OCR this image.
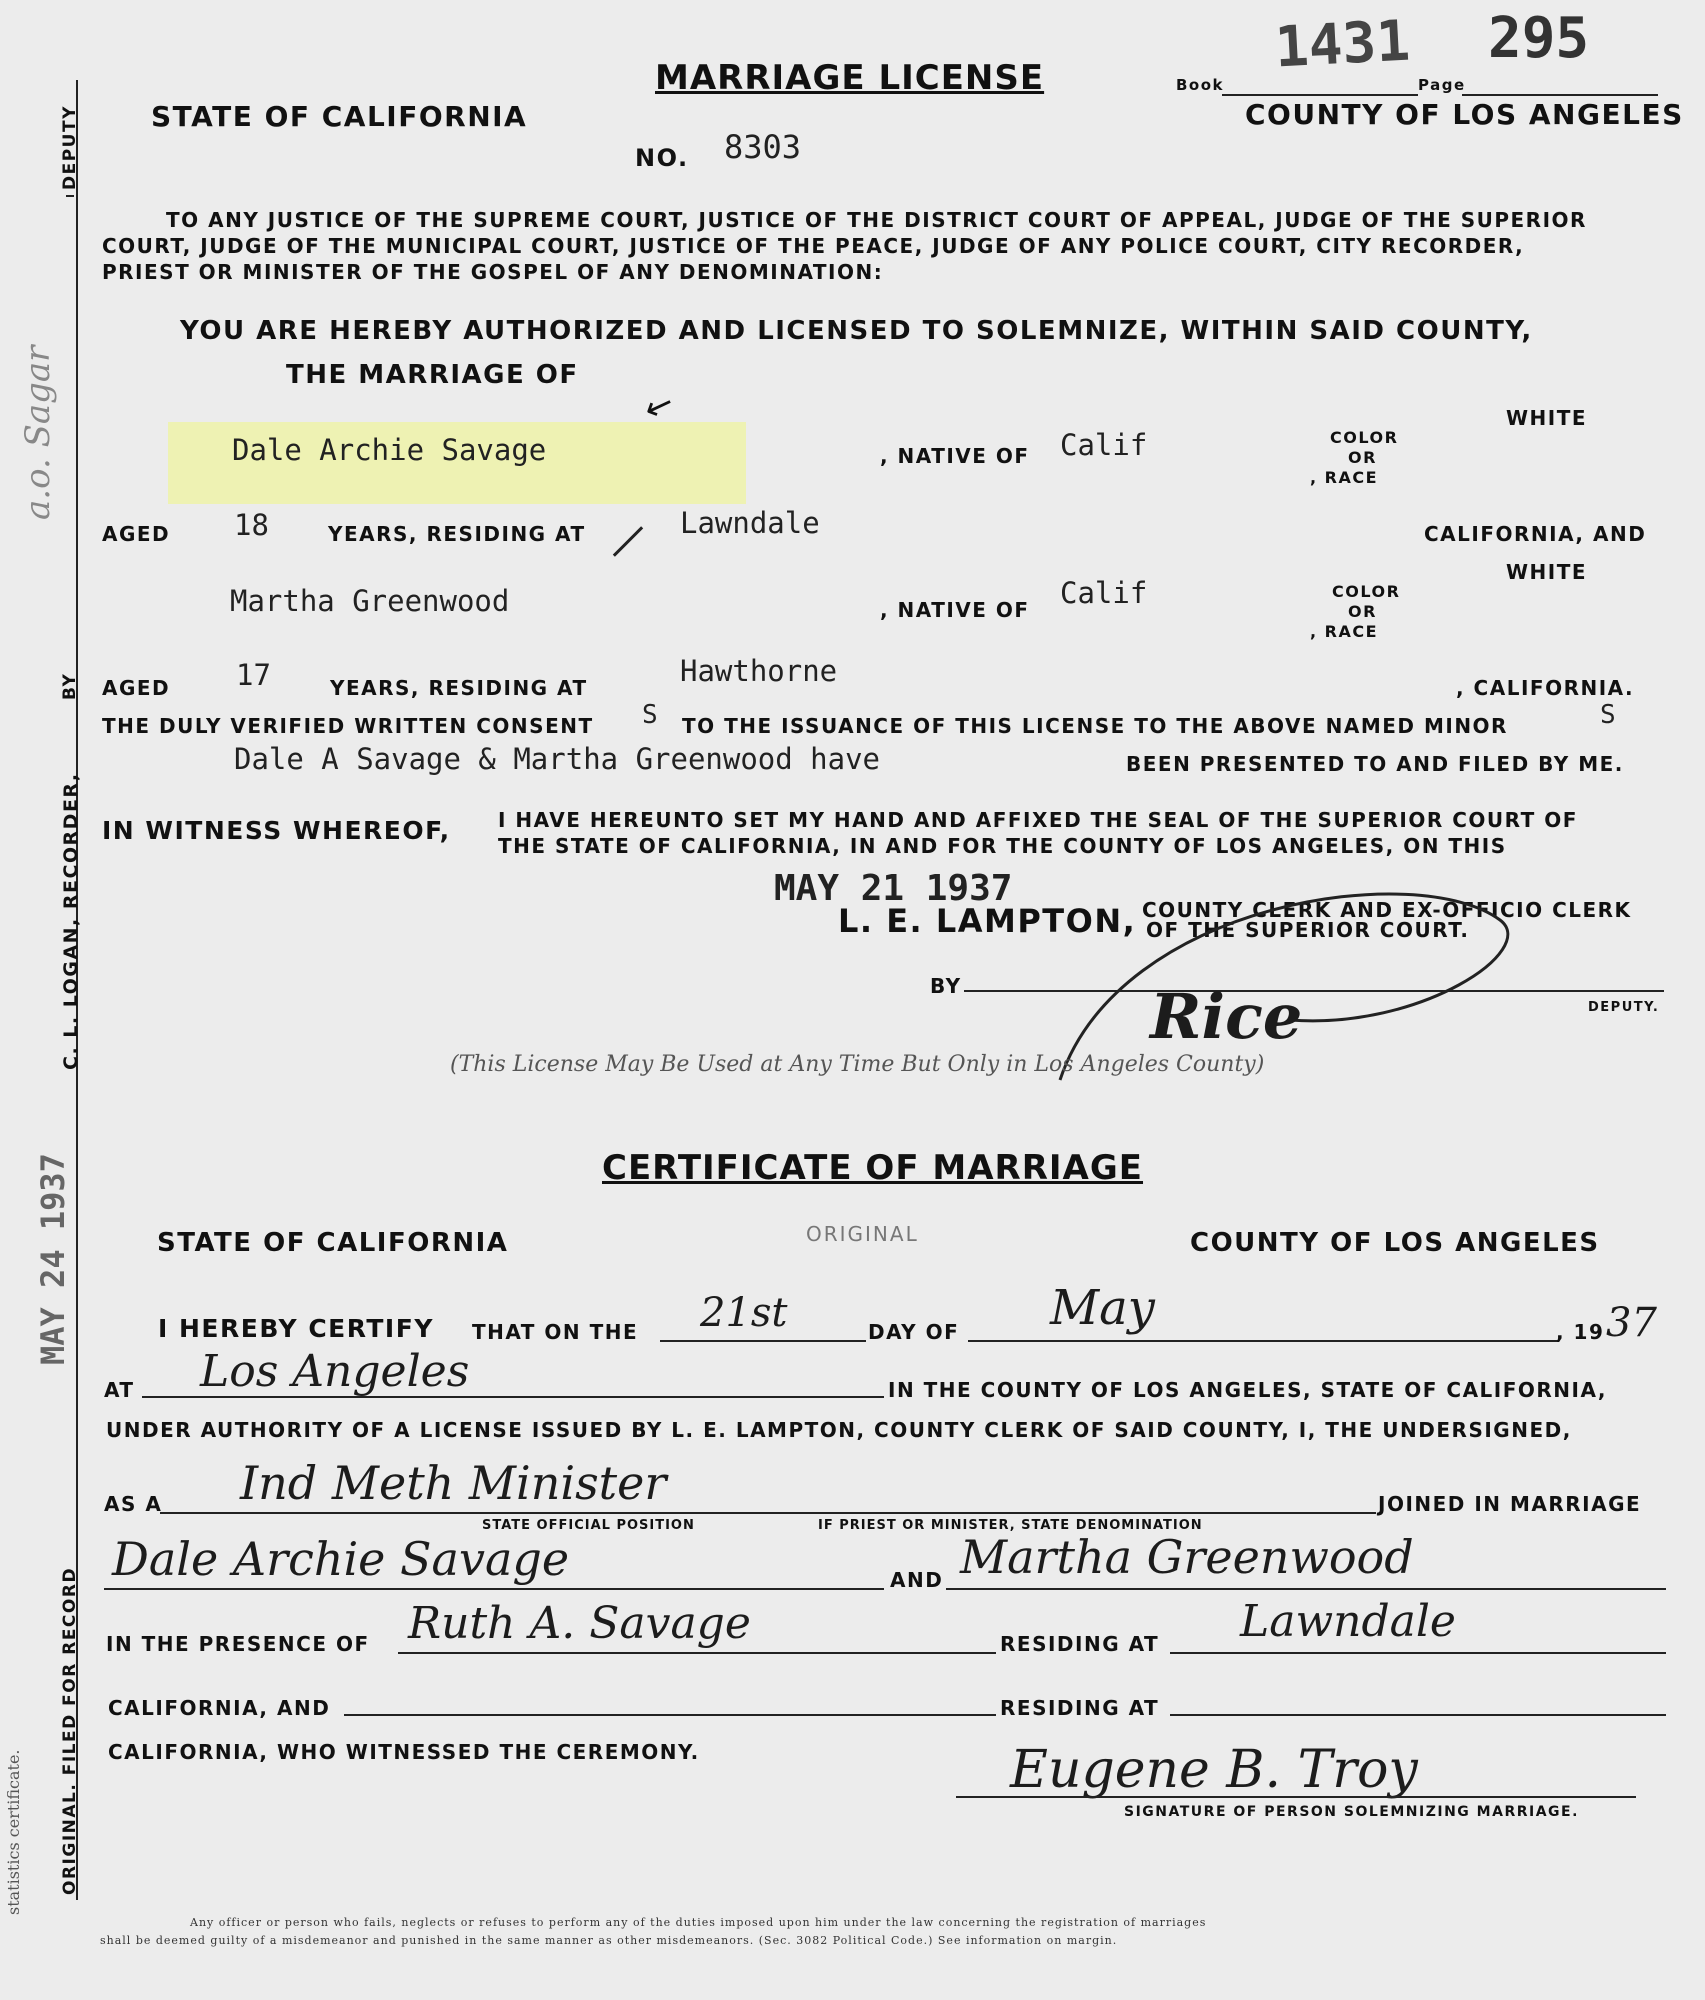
DEPUTY
BY
C. L. LOGAN, RECORDER,
a.o. Sagar
MAY 24 1937
ORIGINAL. FILED FOR RECORD
statistics certificate.
1431 295
Book	Page
STATE OF CALIFORNIA
MARRIAGE LICENSE
COUNTY OF LOS ANGELES
NO. 8303
TO ANY JUSTICE OF THE SUPREME COURT, JUSTICE OF THE DISTRICT COURT OF APPEAL, JUDGE OF THE SUPERIOR
COURT, JUDGE OF THE MUNICIPAL COURT, JUSTICE OF THE PEACE, JUDGE OF ANY POLICE COURT, CITY RECORDER,
PRIEST OR MINISTER OF THE GOSPEL OF ANY DENOMINATION:
YOU ARE HEREBY AUTHORIZED AND LICENSED TO SOLEMNIZE, WITHIN SAID COUNTY,
THE MARRIAGE OF
Dale Archie Savage
↙
, NATIVE OF Calif	COLOR
OR
, RACE
WHITE
AGED 18	YEARS, RESIDING AT	Lawndale	CALIFORNIA, AND
Martha Greenwood	, NATIVE OF Calif	COLOR
OR
, RACE
WHITE
AGED 17	YEARS, RESIDING AT	Hawthorne	, CALIFORNIA.
THE DULY VERIFIED WRITTEN CONSENT S TO THE ISSUANCE OF THIS LICENSE TO THE ABOVE NAMED MINOR	S
Dale A Savage & Martha Greenwood have	BEEN PRESENTED TO AND FILED BY ME.
IN WITNESS WHEREOF, I HAVE HEREUNTO SET MY HAND AND AFFIXED THE SEAL OF THE SUPERIOR COURT OF
THE STATE OF CALIFORNIA, IN AND FOR THE COUNTY OF LOS ANGELES, ON THIS
MAY 21 1937
L. E. LAMPTON, COUNTY CLERK AND EX-OFFICIO CLERK
OF THE SUPERIOR COURT.
BY	Rice	DEPUTY.
(This License May Be Used at Any Time But Only in Los Angeles County)
CERTIFICATE OF MARRIAGE
STATE OF CALIFORNIA	ORIGINAL	COUNTY OF LOS ANGELES
I HEREBY CERTIFY THAT ON THE 21st	DAY OF May	, 19 37
AT Los Angeles	IN THE COUNTY OF LOS ANGELES, STATE OF CALIFORNIA,
UNDER AUTHORITY OF A LICENSE ISSUED BY L. E. LAMPTON, COUNTY CLERK OF SAID COUNTY, I, THE UNDERSIGNED,
AS A Ind Meth Minister	JOINED IN MARRIAGE
STATE OFFICIAL POSITION	IF PRIEST OR MINISTER, STATE DENOMINATION
Dale Archie Savage	AND Martha Greenwood
IN THE PRESENCE OF Ruth A. Savage	RESIDING AT Lawndale
CALIFORNIA, AND	RESIDING AT
CALIFORNIA, WHO WITNESSED THE CEREMONY.	Eugene B. Troy
SIGNATURE OF PERSON SOLEMNIZING MARRIAGE.
Any officer or person who fails, neglects or refuses to perform any of the duties imposed upon him under the law concerning the registration of marriages
shall be deemed guilty of a misdemeanor and punished in the same manner as other misdemeanors. (Sec. 3082 Political Code.) See information on margin.
